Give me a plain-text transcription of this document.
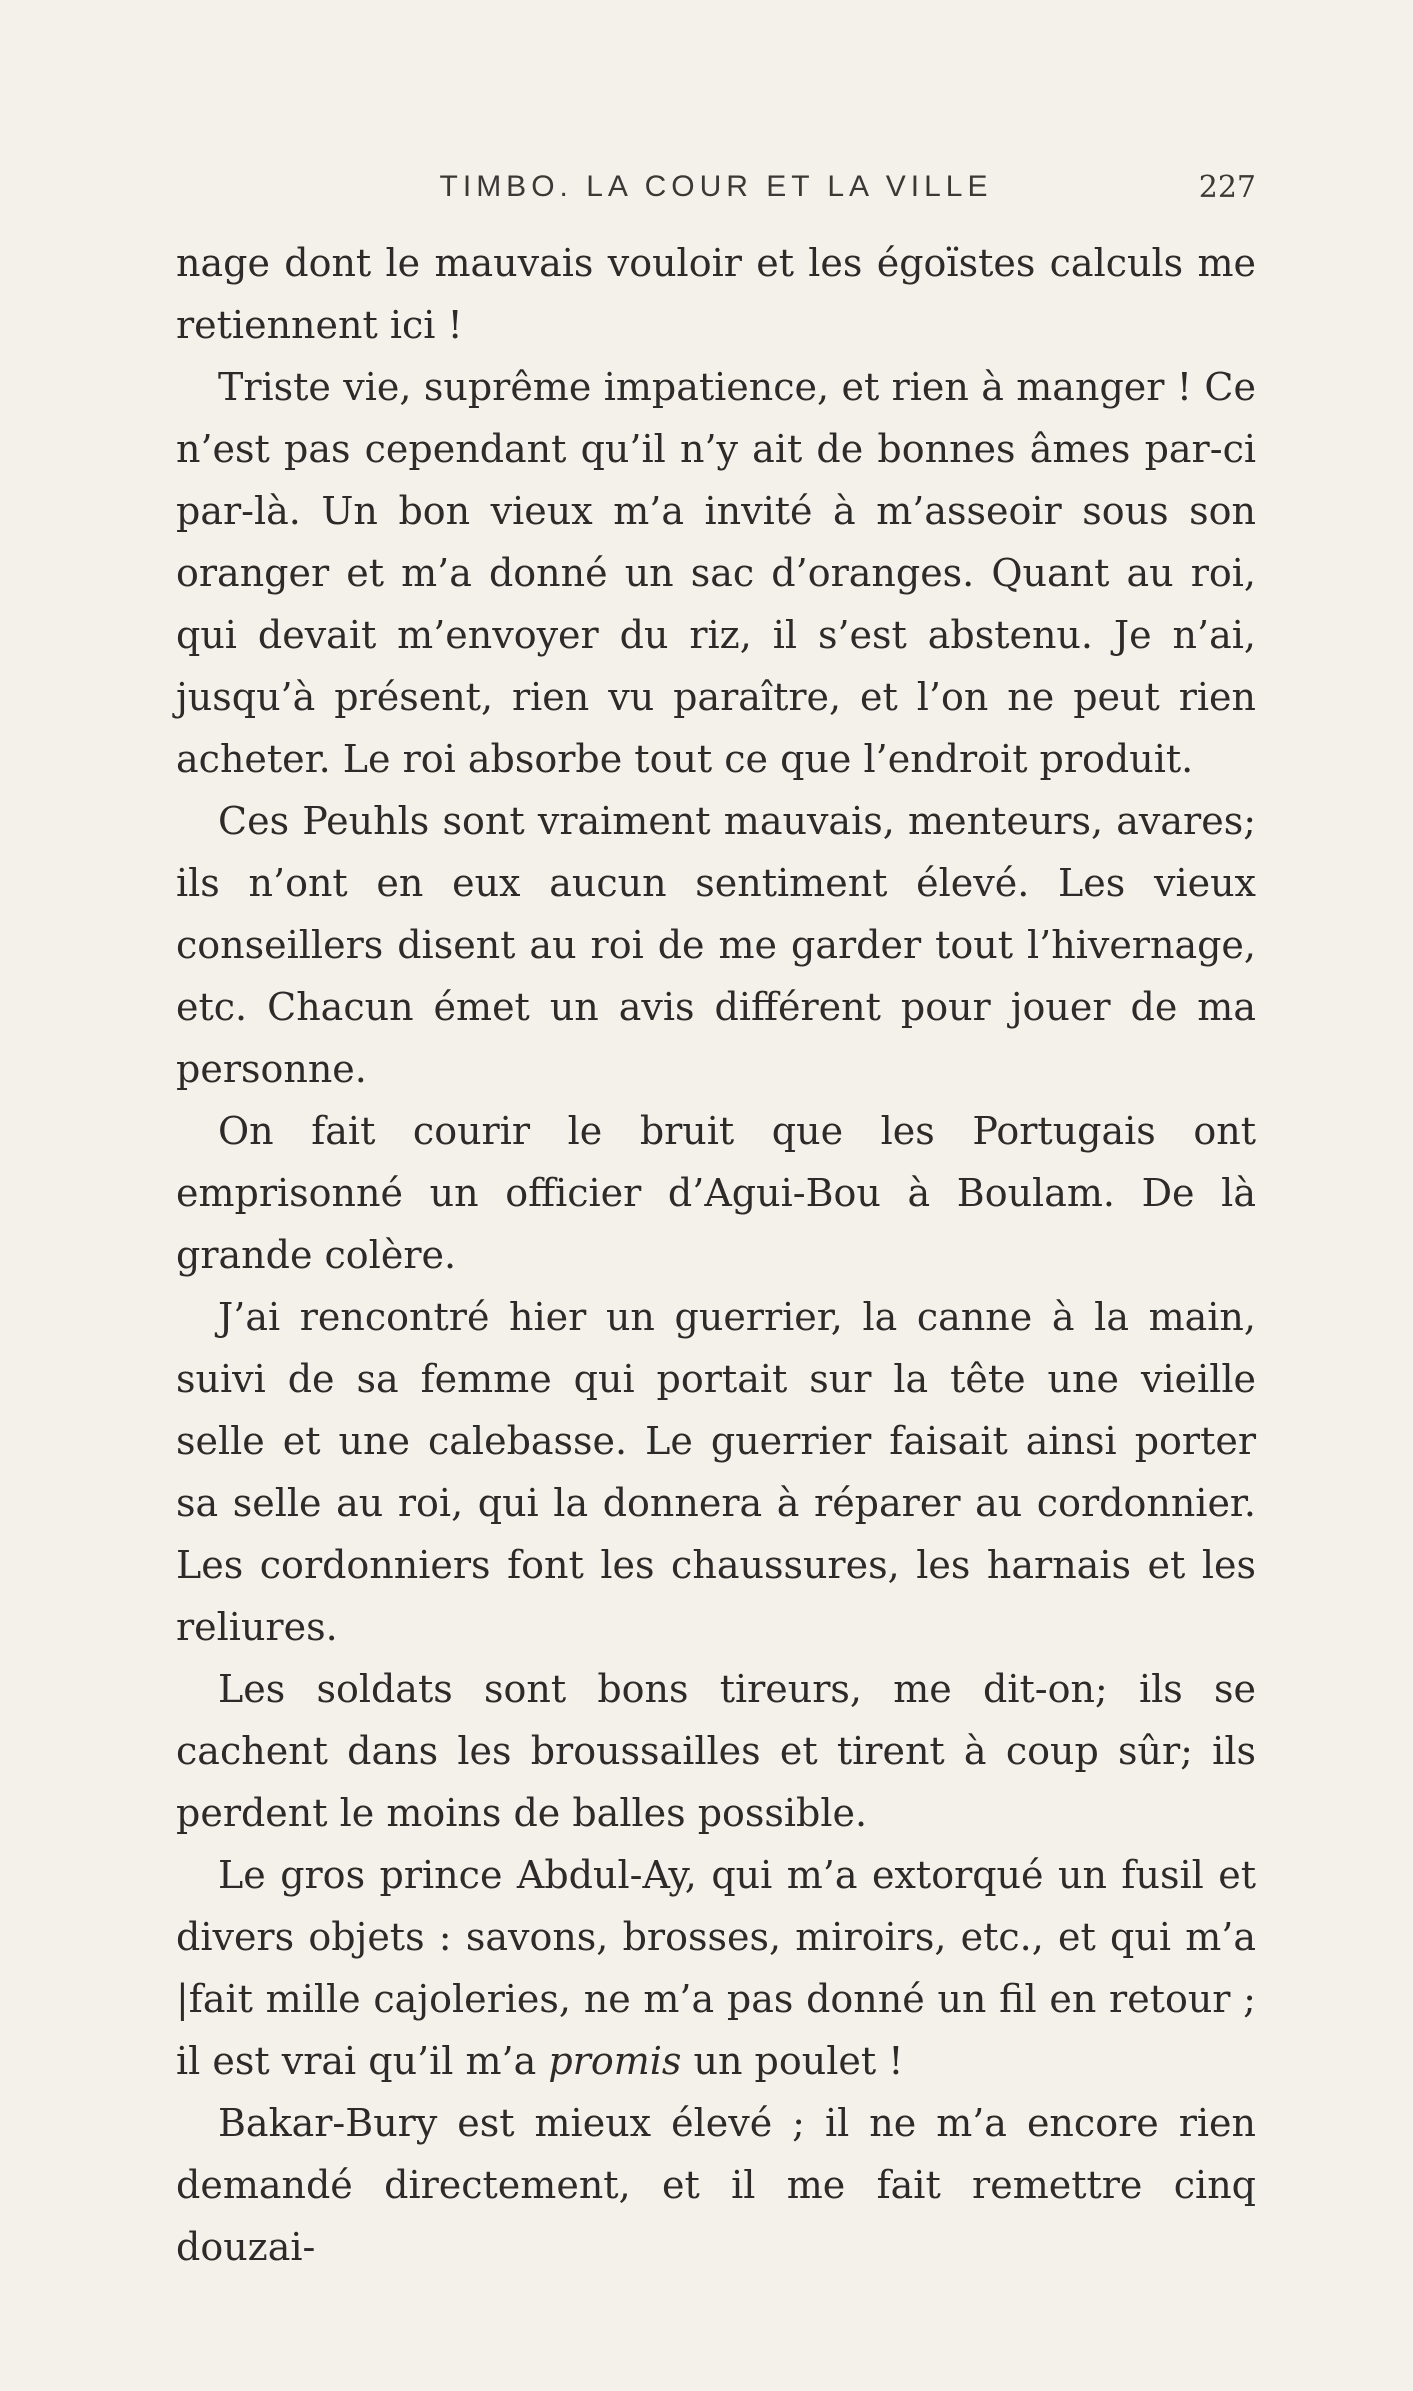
TIMBO. LA COUR ET LA VILLE	227

nage dont le mauvais vouloir et les égoïstes calculs me retiennent ici !

Triste vie, suprême impatience, et rien à manger ! Ce n’est pas cependant qu’il n’y ait de bonnes âmes par-ci par-là. Un bon vieux m’a invité à m’asseoir sous son oranger et m’a donné un sac d’oranges. Quant au roi, qui devait m’envoyer du riz, il s’est abstenu. Je n’ai, jusqu’à présent, rien vu paraître, et l’on ne peut rien acheter. Le roi absorbe tout ce que l’endroit produit.

Ces Peuhls sont vraiment mauvais, menteurs, avares; ils n’ont en eux aucun sentiment élevé. Les vieux conseillers disent au roi de me garder tout l’hivernage, etc. Chacun émet un avis différent pour jouer de ma personne.

On fait courir le bruit que les Portugais ont emprisonné un officier d’Agui-Bou à Boulam. De là grande colère.

J’ai rencontré hier un guerrier, la canne à la main, suivi de sa femme qui portait sur la tête une vieille selle et une calebasse. Le guerrier faisait ainsi porter sa selle au roi, qui la donnera à réparer au cordonnier. Les cordonniers font les chaussures, les harnais et les reliures.

Les soldats sont bons tireurs, me dit-on; ils se cachent dans les broussailles et tirent à coup sûr; ils perdent le moins de balles possible.

Le gros prince Abdul-Ay, qui m’a extorqué un fusil et divers objets : savons, brosses, miroirs, etc., et qui m’a |fait mille cajoleries, ne m’a pas donné un fil en retour ; il est vrai qu’il m’a promis un poulet !

Bakar-Bury est mieux élevé ; il ne m’a encore rien demandé directement, et il me fait remettre cinq douzai-
